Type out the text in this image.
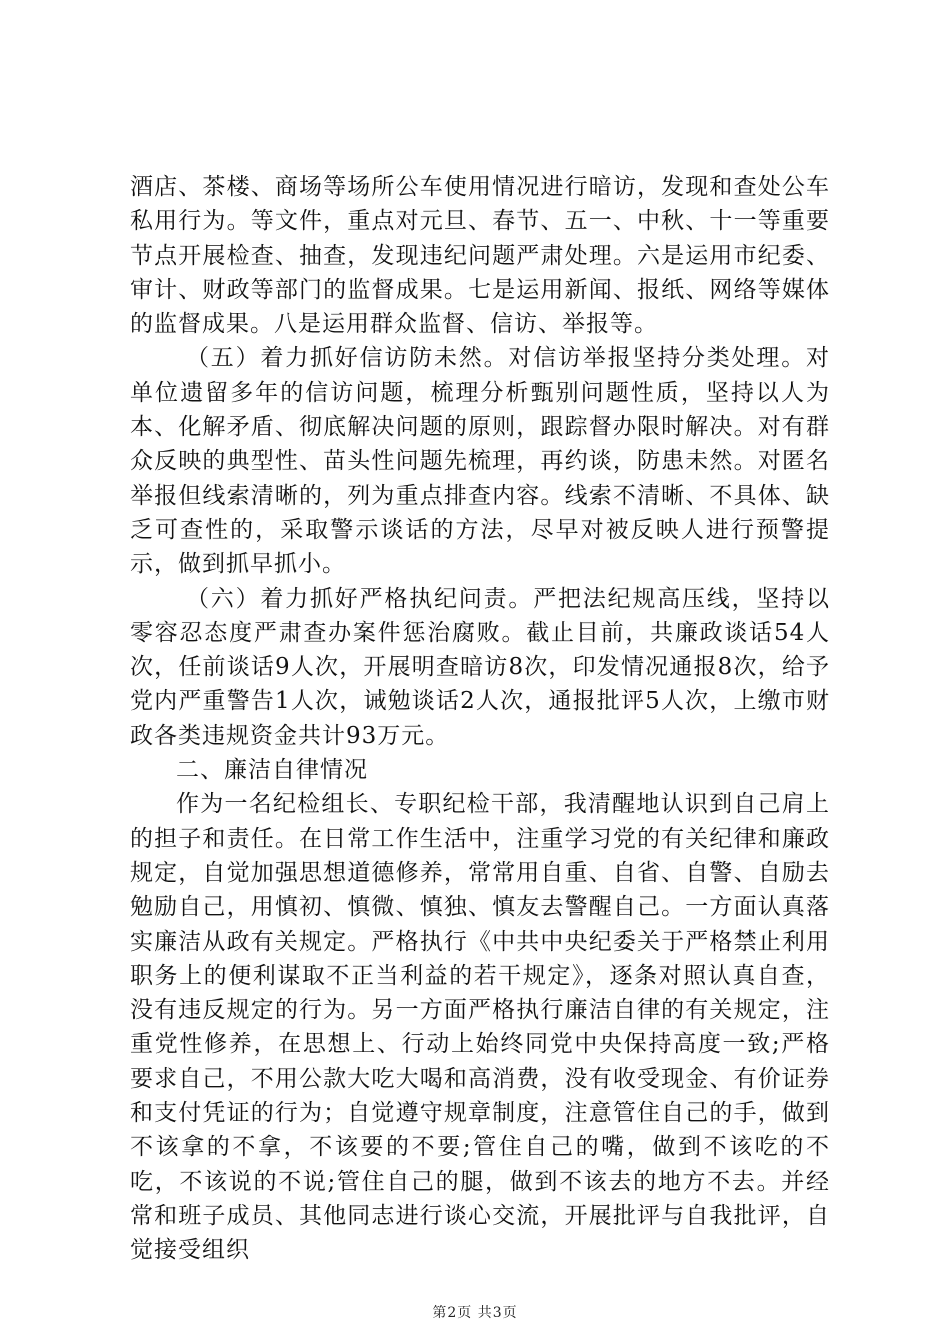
酒店、茶楼、商场等场所公车使用情况进行暗访，发现和查处公车私用行为。等文件，重点对元旦、春节、五一、中秋、十一等重要节点开展检查、抽查，发现违纪问题严肃处理。六是运用市纪委、审计、财政等部门的监督成果。七是运用新闻、报纸、网络等媒体的监督成果。八是运用群众监督、信访、举报等。

（五）着力抓好信访防未然。对信访举报坚持分类处理。对单位遗留多年的信访问题，梳理分析甄别问题性质，坚持以人为本、化解矛盾、彻底解决问题的原则，跟踪督办限时解决。对有群众反映的典型性、苗头性问题先梳理，再约谈，防患未然。对匿名举报但线索清晰的，列为重点排查内容。线索不清晰、不具体、缺乏可查性的，采取警示谈话的方法，尽早对被反映人进行预警提示，做到抓早抓小。

（六）着力抓好严格执纪问责。严把法纪规高压线，坚持以零容忍态度严肃查办案件惩治腐败。截止目前，共廉政谈话54人次，任前谈话9人次，开展明查暗访8次，印发情况通报8次，给予党内严重警告1人次，诫勉谈话2人次，通报批评5人次，上缴市财政各类违规资金共计93万元。

二、廉洁自律情况

作为一名纪检组长、专职纪检干部，我清醒地认识到自己肩上的担子和责任。在日常工作生活中，注重学习党的有关纪律和廉政规定，自觉加强思想道德修养，常常用自重、自省、自警、自励去勉励自己，用慎初、慎微、慎独、慎友去警醒自己。一方面认真落实廉洁从政有关规定。严格执行《中共中央纪委关于严格禁止利用职务上的便利谋取不正当利益的若干规定》，逐条对照认真自查，没有违反规定的行为。另一方面严格执行廉洁自律的有关规定，注重党性修养，在思想上、行动上始终同党中央保持高度一致;严格要求自己，不用公款大吃大喝和高消费，没有收受现金、有价证券和支付凭证的行为；自觉遵守规章制度，注意管住自己的手，做到不该拿的不拿，不该要的不要;管住自己的嘴，做到不该吃的不吃，不该说的不说;管住自己的腿，做到不该去的地方不去。并经常和班子成员、其他同志进行谈心交流，开展批评与自我批评，自觉接受组织

第2页 共3页
